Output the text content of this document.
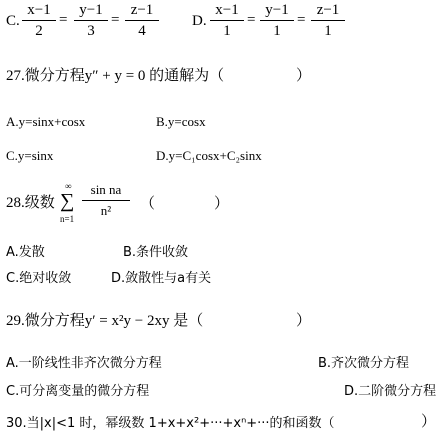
C.
x−1
2
=
y−1
3
=
z−1
4
D.
x−1
1
=
y−1
1
=
z−1
1
27.微分方程y″ + y = 0 的通解为（	）
A.y=sinx+cosx	B.y=cosx
C.y=sinx	D.y=C₁cosx+C₂sinx
28.级数
∞
∑
n=1
sin na
n²	（	）
A.发散	B.条件收敛
C.绝对收敛	D.敛散性与a有关
29.微分方程y′ = x²y − 2xy 是（	）
A.一阶线性非齐次微分方程	B.齐次微分方程
C.可分离变量的微分方程	D.二阶微分方程
30.当|x|<1 时，幂级数 1+x+x²+···+xⁿ+···的和函数（	）
